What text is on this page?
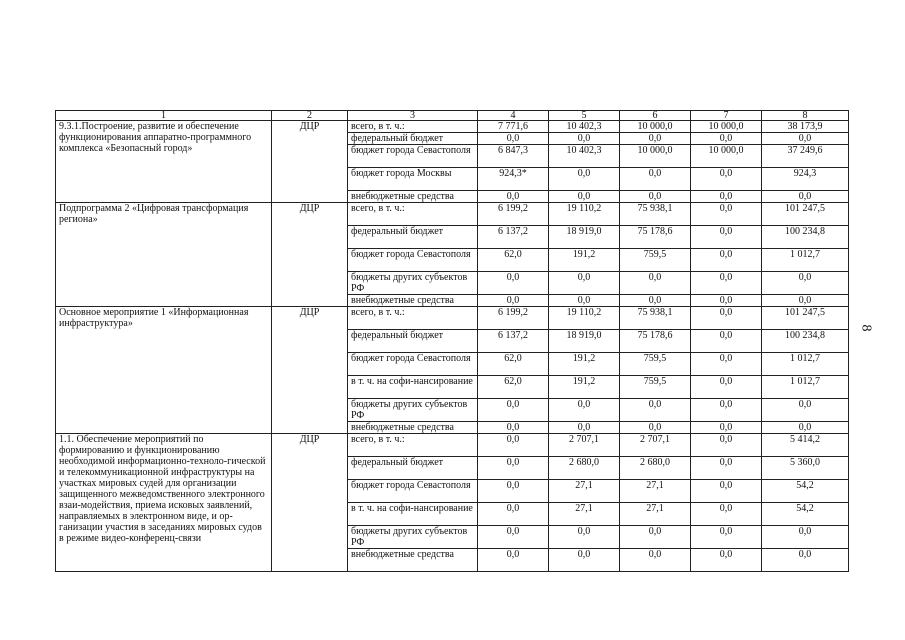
1	2	3	4	5	6	7	8
9.3.1.Построение, развитие и обеспечение функционирования аппаратно-программного комплекса «Безопасный город»	ДЦР	всего, в т. ч.:	7 771,6	10 402,3	10 000,0	10 000,0	38 173,9
		федеральный бюджет	0,0	0,0	0,0	0,0	0,0
		бюджет города Севастополя	6 847,3	10 402,3	10 000,0	10 000,0	37 249,6
		бюджет города Москвы	924,3*	0,0	0,0	0,0	924,3
		внебюджетные средства	0,0	0,0	0,0	0,0	0,0
Подпрограмма 2 «Цифровая трансформация региона»	ДЦР	всего, в т. ч.:	6 199,2	19 110,2	75 938,1	0,0	101 247,5
		федеральный бюджет	6 137,2	18 919,0	75 178,6	0,0	100 234,8
		бюджет города Севастополя	62,0	191,2	759,5	0,0	1 012,7
		бюджеты других субъектов РФ	0,0	0,0	0,0	0,0	0,0
		внебюджетные средства	0,0	0,0	0,0	0,0	0,0
Основное мероприятие 1 «Информационная инфраструктура»	ДЦР	всего, в т. ч.:	6 199,2	19 110,2	75 938,1	0,0	101 247,5
		федеральный бюджет	6 137,2	18 919,0	75 178,6	0,0	100 234,8
		бюджет города Севастополя	62,0	191,2	759,5	0,0	1 012,7
		в т. ч. на софи-нансирование	62,0	191,2	759,5	0,0	1 012,7
		бюджеты других субъектов РФ	0,0	0,0	0,0	0,0	0,0
		внебюджетные средства	0,0	0,0	0,0	0,0	0,0
1.1. Обеспечение мероприятий по формированию и функционированию необходимой информационно-техноло-гической и телекоммуникационной инфраструктуры на участках мировых судей для организации защищенного межведомственного электронного взаи-модействия, приема исковых заявлений, направляемых в электронном виде, и ор-ганизации участия в заседаниях мировых судов в режиме видео-конференц-связи	ДЦР	всего, в т. ч.:	0,0	2 707,1	2 707,1	0,0	5 414,2
		федеральный бюджет	0,0	2 680,0	2 680,0	0,0	5 360,0
		бюджет города Севастополя	0,0	27,1	27,1	0,0	54,2
		в т. ч. на софи-нансирование	0,0	27,1	27,1	0,0	54,2
		бюджеты других субъектов РФ	0,0	0,0	0,0	0,0	0,0
		внебюджетные средства	0,0	0,0	0,0	0,0	0,0
8
